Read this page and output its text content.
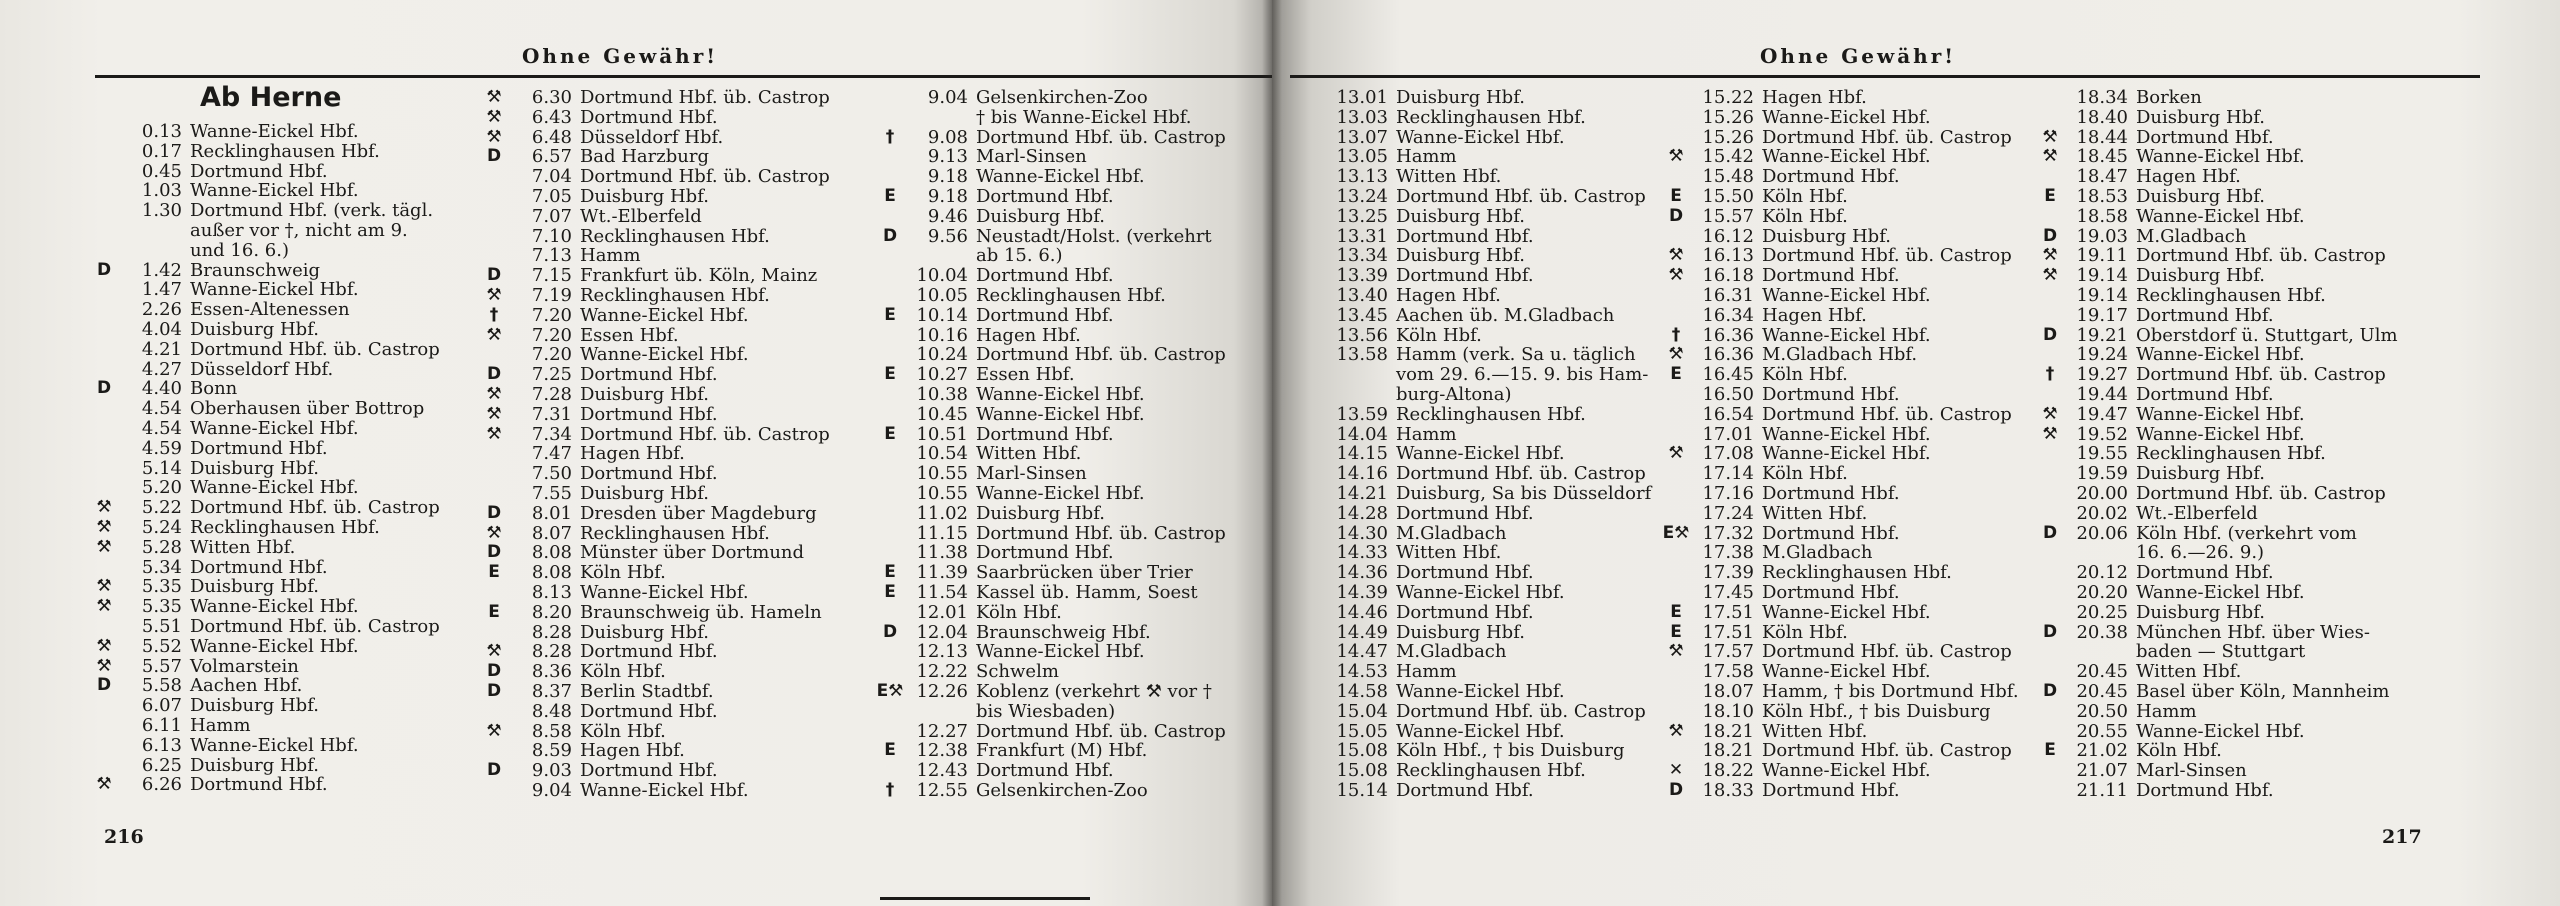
Ohne Gewähr!
Ab Herne
0.13 Wanne-Eickel Hbf.
0.17 Recklinghausen Hbf.
0.45 Dortmund Hbf.
1.03 Wanne-Eickel Hbf.
1.30 Dortmund Hbf. (verk. tägl.
außer vor †, nicht am 9.
und 16. 6.)
D	1.42 Braunschweig
1.47 Wanne-Eickel Hbf.
2.26 Essen-Altenessen
4.04 Duisburg Hbf.
4.21 Dortmund Hbf. üb. Castrop
4.27 Düsseldorf Hbf.
D	4.40 Bonn
4.54 Oberhausen über Bottrop
4.54 Wanne-Eickel Hbf.
4.59 Dortmund Hbf.
5.14 Duisburg Hbf.
5.20 Wanne-Eickel Hbf.
⚒	5.22 Dortmund Hbf. üb. Castrop
⚒	5.24 Recklinghausen Hbf.
⚒	5.28 Witten Hbf.
5.34 Dortmund Hbf.
⚒	5.35 Duisburg Hbf.
⚒	5.35 Wanne-Eickel Hbf.
5.51 Dortmund Hbf. üb. Castrop
⚒	5.52 Wanne-Eickel Hbf.
⚒	5.57 Volmarstein
D	5.58 Aachen Hbf.
6.07 Duisburg Hbf.
6.11 Hamm
6.13 Wanne-Eickel Hbf.
6.25 Duisburg Hbf.
⚒	6.26 Dortmund Hbf.
⚒	6.30 Dortmund Hbf. üb. Castrop
⚒	6.43 Dortmund Hbf.
⚒	6.48 Düsseldorf Hbf.
D	6.57 Bad Harzburg
7.04 Dortmund Hbf. üb. Castrop
7.05 Duisburg Hbf.
7.07 Wt.-Elberfeld
7.10 Recklinghausen Hbf.
7.13 Hamm
D	7.15 Frankfurt üb. Köln, Mainz
⚒	7.19 Recklinghausen Hbf.
†	7.20 Wanne-Eickel Hbf.
⚒	7.20 Essen Hbf.
7.20 Wanne-Eickel Hbf.
D	7.25 Dortmund Hbf.
⚒	7.28 Duisburg Hbf.
⚒	7.31 Dortmund Hbf.
⚒	7.34 Dortmund Hbf. üb. Castrop
7.47 Hagen Hbf.
7.50 Dortmund Hbf.
7.55 Duisburg Hbf.
D	8.01 Dresden über Magdeburg
⚒	8.07 Recklinghausen Hbf.
D	8.08 Münster über Dortmund
E	8.08 Köln Hbf.
8.13 Wanne-Eickel Hbf.
E	8.20 Braunschweig üb. Hameln
8.28 Duisburg Hbf.
⚒	8.28 Dortmund Hbf.
D	8.36 Köln Hbf.
D	8.37 Berlin Stadtbf.
8.48 Dortmund Hbf.
⚒	8.58 Köln Hbf.
8.59 Hagen Hbf.
D	9.03 Dortmund Hbf.
9.04 Wanne-Eickel Hbf.
9.04 Gelsenkirchen-Zoo
† bis Wanne-Eickel Hbf.
†	9.08 Dortmund Hbf. üb. Castrop
9.13 Marl-Sinsen
9.18 Wanne-Eickel Hbf.
E	9.18 Dortmund Hbf.
9.46 Duisburg Hbf.
D	9.56 Neustadt/Holst. (verkehrt
ab 15. 6.)
10.04 Dortmund Hbf.
10.05 Recklinghausen Hbf.
E	10.14 Dortmund Hbf.
10.16 Hagen Hbf.
10.24 Dortmund Hbf. üb. Castrop
E	10.27 Essen Hbf.
10.38 Wanne-Eickel Hbf.
10.45 Wanne-Eickel Hbf.
E	10.51 Dortmund Hbf.
10.54 Witten Hbf.
10.55 Marl-Sinsen
10.55 Wanne-Eickel Hbf.
11.02 Duisburg Hbf.
11.15 Dortmund Hbf. üb. Castrop
11.38 Dortmund Hbf.
E	11.39 Saarbrücken über Trier
E	11.54 Kassel üb. Hamm, Soest
12.01 Köln Hbf.
D	12.04 Braunschweig Hbf.
12.13 Wanne-Eickel Hbf.
12.22 Schwelm
E⚒ 12.26 Koblenz (verkehrt ⚒ vor †
bis Wiesbaden)
12.27 Dortmund Hbf. üb. Castrop
E	12.38 Frankfurt (M) Hbf.
12.43 Dortmund Hbf.
†	12.55 Gelsenkirchen-Zoo
216
Ohne Gewähr!
13.01 Duisburg Hbf.
13.03 Recklinghausen Hbf.
13.07 Wanne-Eickel Hbf.
13.05 Hamm
13.13 Witten Hbf.
13.24 Dortmund Hbf. üb. Castrop
13.25 Duisburg Hbf.
13.31 Dortmund Hbf.
13.34 Duisburg Hbf.
13.39 Dortmund Hbf.
13.40 Hagen Hbf.
13.45 Aachen üb. M.Gladbach
13.56 Köln Hbf.
13.58 Hamm (verk. Sa u. täglich
vom 29. 6.—15. 9. bis Ham-
burg-Altona)
13.59 Recklinghausen Hbf.
14.04 Hamm
14.15 Wanne-Eickel Hbf.
14.16 Dortmund Hbf. üb. Castrop
14.21 Duisburg, Sa bis Düsseldorf
14.28 Dortmund Hbf.
14.30 M.Gladbach
14.33 Witten Hbf.
14.36 Dortmund Hbf.
14.39 Wanne-Eickel Hbf.
14.46 Dortmund Hbf.
14.49 Duisburg Hbf.
14.47 M.Gladbach
14.53 Hamm
14.58 Wanne-Eickel Hbf.
15.04 Dortmund Hbf. üb. Castrop
15.05 Wanne-Eickel Hbf.
15.08 Köln Hbf., † bis Duisburg
15.08 Recklinghausen Hbf.
15.14 Dortmund Hbf.
15.22 Hagen Hbf.
15.26 Wanne-Eickel Hbf.
15.26 Dortmund Hbf. üb. Castrop
⚒	15.42 Wanne-Eickel Hbf.
15.48 Dortmund Hbf.
E	15.50 Köln Hbf.
D	15.57 Köln Hbf.
16.12 Duisburg Hbf.
⚒	16.13 Dortmund Hbf. üb. Castrop
⚒	16.18 Dortmund Hbf.
16.31 Wanne-Eickel Hbf.
16.34 Hagen Hbf.
†	16.36 Wanne-Eickel Hbf.
⚒	16.36 M.Gladbach Hbf.
E	16.45 Köln Hbf.
16.50 Dortmund Hbf.
16.54 Dortmund Hbf. üb. Castrop
17.01 Wanne-Eickel Hbf.
⚒	17.08 Wanne-Eickel Hbf.
17.14 Köln Hbf.
17.16 Dortmund Hbf.
17.24 Witten Hbf.
E⚒ 17.32 Dortmund Hbf.
17.38 M.Gladbach
17.39 Recklinghausen Hbf.
17.45 Dortmund Hbf.
E	17.51 Wanne-Eickel Hbf.
E	17.51 Köln Hbf.
⚒	17.57 Dortmund Hbf. üb. Castrop
17.58 Wanne-Eickel Hbf.
18.07 Hamm, † bis Dortmund Hbf.
18.10 Köln Hbf., † bis Duisburg
⚒	18.21 Witten Hbf.
18.21 Dortmund Hbf. üb. Castrop
✕	18.22 Wanne-Eickel Hbf.
D	18.33 Dortmund Hbf.
18.34 Borken
18.40 Duisburg Hbf.
⚒	18.44 Dortmund Hbf.
⚒	18.45 Wanne-Eickel Hbf.
18.47 Hagen Hbf.
E	18.53 Duisburg Hbf.
18.58 Wanne-Eickel Hbf.
D	19.03 M.Gladbach
⚒	19.11 Dortmund Hbf. üb. Castrop
⚒	19.14 Duisburg Hbf.
19.14 Recklinghausen Hbf.
19.17 Dortmund Hbf.
D	19.21 Oberstdorf ü. Stuttgart, Ulm
19.24 Wanne-Eickel Hbf.
†	19.27 Dortmund Hbf. üb. Castrop
19.44 Dortmund Hbf.
⚒	19.47 Wanne-Eickel Hbf.
⚒	19.52 Wanne-Eickel Hbf.
19.55 Recklinghausen Hbf.
19.59 Duisburg Hbf.
20.00 Dortmund Hbf. üb. Castrop
20.02 Wt.-Elberfeld
D	20.06 Köln Hbf. (verkehrt vom
16. 6.—26. 9.)
20.12 Dortmund Hbf.
20.20 Wanne-Eickel Hbf.
20.25 Duisburg Hbf.
D	20.38 München Hbf. über Wies-
baden — Stuttgart
20.45 Witten Hbf.
D	20.45 Basel über Köln, Mannheim
20.50 Hamm
20.55 Wanne-Eickel Hbf.
E	21.02 Köln Hbf.
21.07 Marl-Sinsen
21.11 Dortmund Hbf.
217
